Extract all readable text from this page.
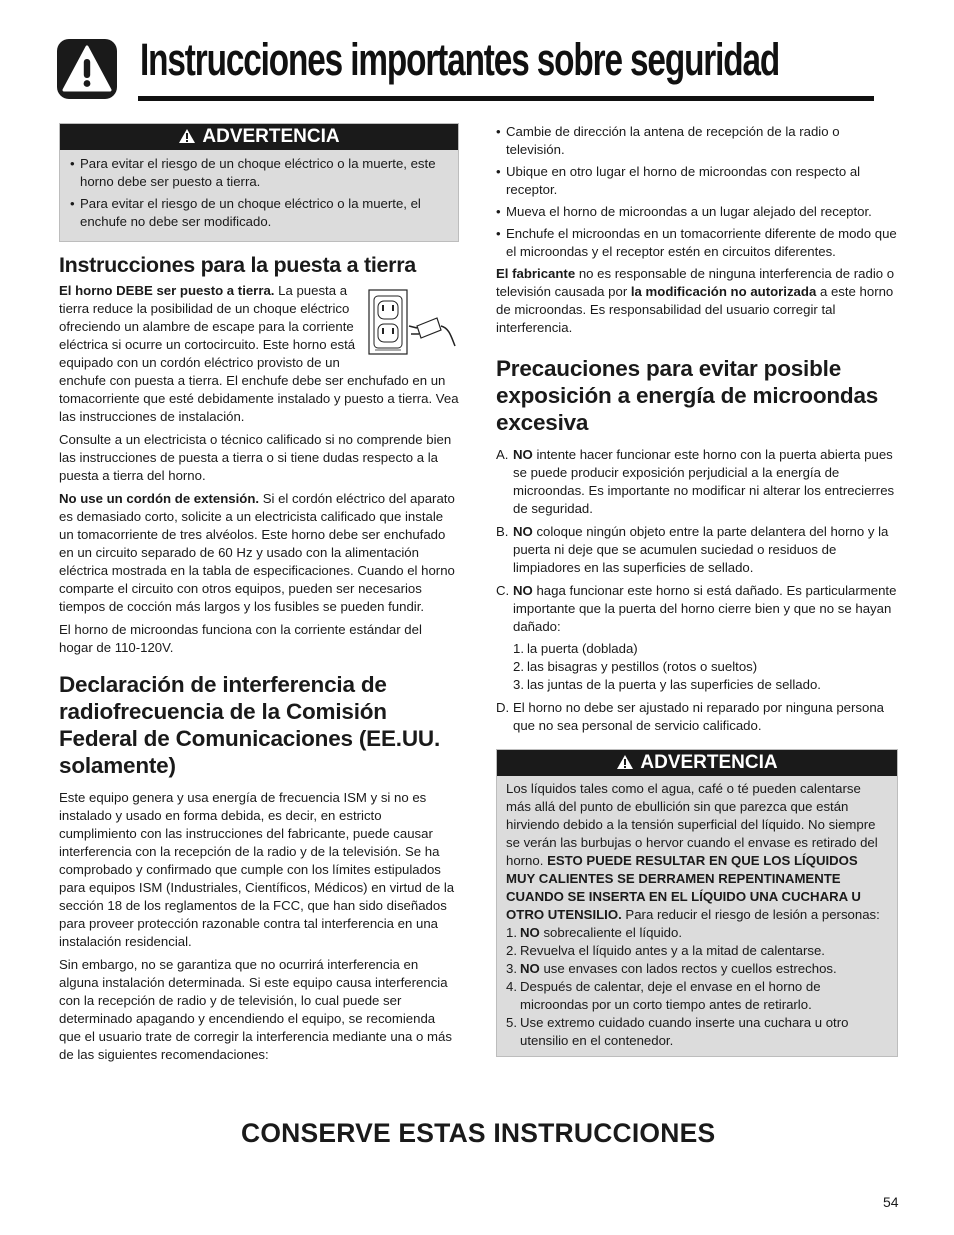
Instrucciones importantes sobre seguridad
ADVERTENCIA
• Para evitar el riesgo de un choque eléctrico o la muerte, este horno debe ser puesto a tierra.
• Para evitar el riesgo de un choque eléctrico o la muerte, el enchufe no debe ser modificado.
Instrucciones para la puesta a tierra

El horno DEBE ser puesto a tierra. La puesta a tierra reduce la posibilidad de un choque eléctrico ofreciendo un alambre de escape para la corriente eléctrica si ocurre un cortocircuito. Este horno está equipado con un cordón eléctrico provisto de un enchufe con puesta a tierra. El enchufe debe ser enchufado en un tomacorriente que esté debidamente instalado y puesto a tierra. Vea las instrucciones de instalación.

Consulte a un electricista o técnico calificado si no comprende bien las instrucciones de puesta a tierra o si tiene dudas respecto a la puesta a tierra del horno.

No use un cordón de extensión. Si el cordón eléctrico del aparato es demasiado corto, solicite a un electricista calificado que instale un tomacorriente de tres alvéolos. Este horno debe ser enchufado en un circuito separado de 60 Hz y usado con la alimentación eléctrica mostrada en la tabla de especificaciones. Cuando el horno comparte el circuito con otros equipos, pueden ser necesarios tiempos de cocción más largos y los fusibles se pueden fundir.

El horno de microondas funciona con la corriente estándar del hogar de 110-120V.

Declaración de interferencia de radiofrecuencia de la Comisión Federal de Comunicaciones (EE.UU. solamente)

Este equipo genera y usa energía de frecuencia ISM y si no es instalado y usado en forma debida, es decir, en estricto cumplimiento con las instrucciones del fabricante, puede causar interferencia con la recepción de la radio y de la televisión. Se ha comprobado y confirmado que cumple con los límites estipulados para equipos ISM (Industriales, Científicos, Médicos) en virtud de la sección 18 de los reglamentos de la FCC, que han sido diseñados para proveer protección razonable contra tal interferencia en una instalación residencial.

Sin embargo, no se garantiza que no ocurrirá interferencia en alguna instalación determinada. Si este equipo causa interferencia con la recepción de radio y de televisión, lo cual puede ser determinado apagando y encendiendo el equipo, se recomienda que el usuario trate de corregir la interferencia mediante una o más de las siguientes recomendaciones:

• Cambie de dirección la antena de recepción de la radio o televisión.
• Ubique en otro lugar el horno de microondas con respecto al receptor.
• Mueva el horno de microondas a un lugar alejado del receptor.
• Enchufe el microondas en un tomacorriente diferente de modo que el microondas y el receptor estén en circuitos diferentes.

El fabricante no es responsable de ninguna interferencia de radio o televisión causada por la modificación no autorizada a este horno de microondas. Es responsabilidad del usuario corregir tal interferencia.

Precauciones para evitar posible exposición a energía de microondas excesiva
A. NO intente hacer funcionar este horno con la puerta abierta pues se puede producir exposición perjudicial a la energía de microondas. Es importante no modificar ni alterar los entrecierres de seguridad.
B. NO coloque ningún objeto entre la parte delantera del horno y la puerta ni deje que se acumulen suciedad o residuos de limpiadores en las superficies de sellado.
C. NO haga funcionar este horno si está dañado. Es particularmente importante que la puerta del horno cierre bien y que no se hayan dañado:
1. la puerta (doblada)
2. las bisagras y pestillos (rotos o sueltos)
3. las juntas de la puerta y las superficies de sellado.
D. El horno no debe ser ajustado ni reparado por ninguna persona que no sea personal de servicio calificado.
ADVERTENCIA

Los líquidos tales como el agua, café o té pueden calentarse más allá del punto de ebullición sin que parezca que están hirviendo debido a la tensión superficial del líquido. No siempre se verán las burbujas o hervor cuando el envase es retirado del horno. ESTO PUEDE RESULTAR EN QUE LOS LÍQUIDOS MUY CALIENTES SE DERRAMEN REPENTINAMENTE CUANDO SE INSERTA EN EL LÍQUIDO UNA CUCHARA U OTRO UTENSILIO. Para reducir el riesgo de lesión a personas:

1. NO sobrecaliente el líquido.
2. Revuelva el líquido antes y a la mitad de calentarse.
3. NO use envases con lados rectos y cuellos estrechos.
4. Después de calentar, deje el envase en el horno de microondas por un corto tiempo antes de retirarlo.
5. Use extremo cuidado cuando inserte una cuchara u otro utensilio en el contenedor.
CONSERVE ESTAS INSTRUCCIONES
54
